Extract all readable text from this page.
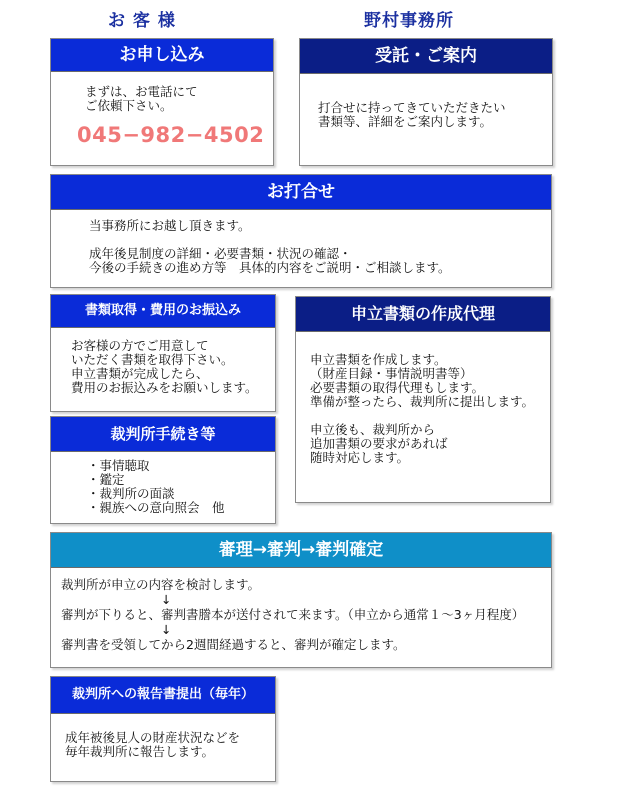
お 客 様	野村事務所
お申し込み
まずは、お電話にて
ご依頼下さい。
045−982−4502
受託・ご案内
打合せに持ってきていただきたい
書類等、詳細をご案内します。
お打合せ
当事務所にお越し頂きます。

成年後見制度の詳細・必要書類・状況の確認・
今後の手続きの進め方等　具体的内容をご説明・ご相談します。
書類取得・費用のお振込み
お客様の方でご用意して
いただく書類を取得下さい。
申立書類が完成したら、
費用のお振込みをお願いします。
申立書類の作成代理
申立書類を作成します。
（財産目録・事情説明書等）
必要書類の取得代理もします。
準備が整ったら、裁判所に提出します。

申立後も、裁判所から
追加書類の要求があれば
随時対応します。
裁判所手続き等
・事情聴取
・鑑定
・裁判所の面談
・親族への意向照会　他
審理→審判→審判確定
裁判所が申立の内容を検討します。
　　　　　　　　↓
審判が下りると、審判書謄本が送付されて来ます。（申立から通常１～3ヶ月程度）
　　　　　　　　↓
審判書を受領してから2週間経過すると、審判が確定します。
裁判所への報告書提出（毎年）
成年被後見人の財産状況などを
毎年裁判所に報告します。
